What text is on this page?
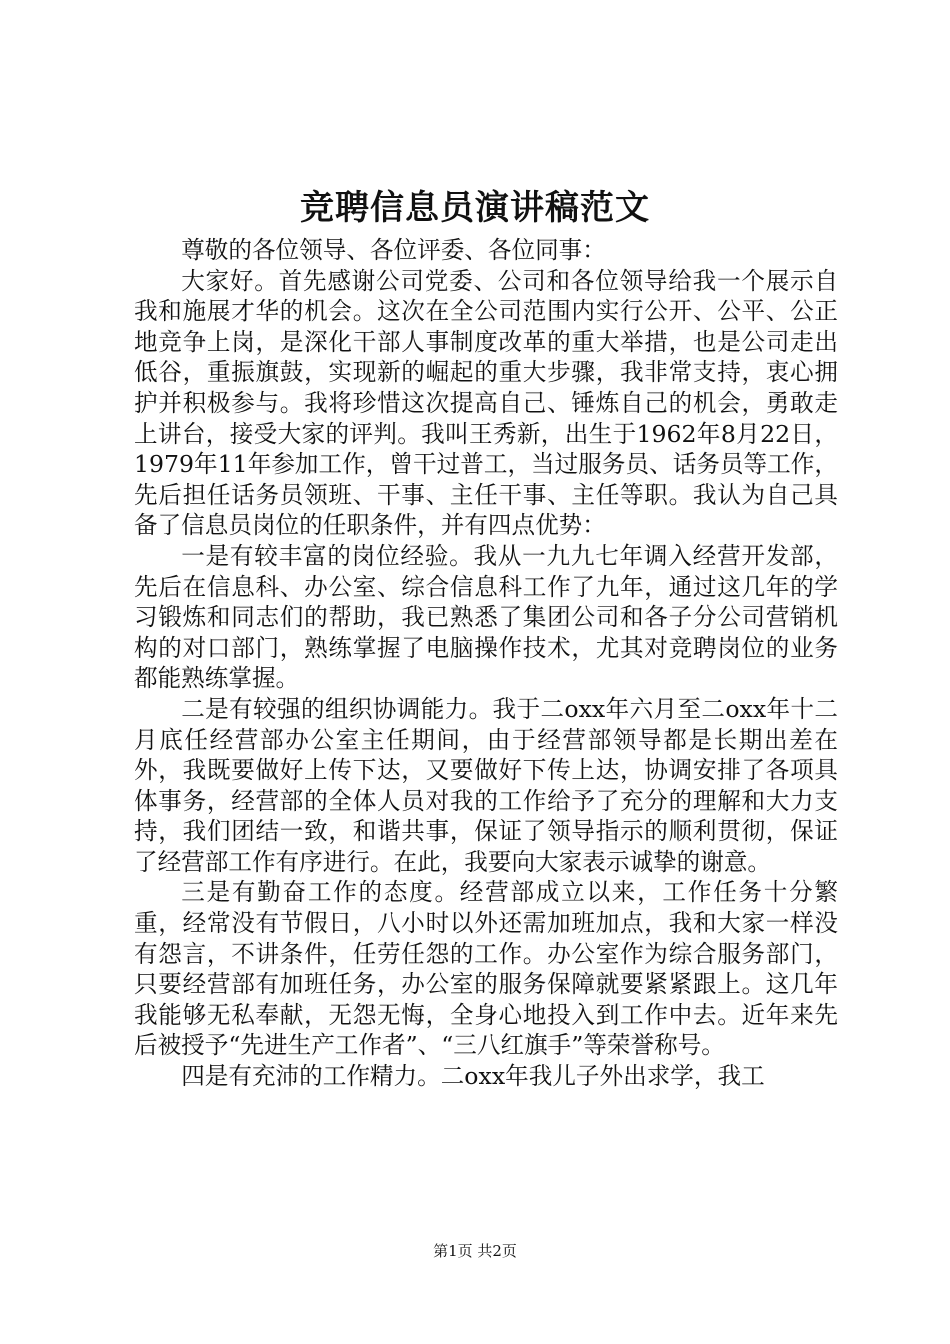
竞聘信息员演讲稿范文

尊敬的各位领导、各位评委、各位同事：

大家好。首先感谢公司党委、公司和各位领导给我一个展示自我和施展才华的机会。这次在全公司范围内实行公开、公平、公正地竞争上岗，是深化干部人事制度改革的重大举措，也是公司走出低谷，重振旗鼓，实现新的崛起的重大步骤，我非常支持，衷心拥护并积极参与。我将珍惜这次提高自己、锤炼自己的机会，勇敢走上讲台，接受大家的评判。我叫王秀新，出生于1962年8月22日，1979年11年参加工作，曾干过普工，当过服务员、话务员等工作，先后担任话务员领班、干事、主任干事、主任等职。我认为自己具备了信息员岗位的任职条件，并有四点优势：

一是有较丰富的岗位经验。我从一九九七年调入经营开发部，先后在信息科、办公室、综合信息科工作了九年，通过这几年的学习锻炼和同志们的帮助，我已熟悉了集团公司和各子分公司营销机构的对口部门，熟练掌握了电脑操作技术，尤其对竞聘岗位的业务都能熟练掌握。

二是有较强的组织协调能力。我于二oxx年六月至二oxx年十二月底任经营部办公室主任期间，由于经营部领导都是长期出差在外，我既要做好上传下达，又要做好下传上达，协调安排了各项具体事务，经营部的全体人员对我的工作给予了充分的理解和大力支持，我们团结一致，和谐共事，保证了领导指示的顺利贯彻，保证了经营部工作有序进行。在此，我要向大家表示诚挚的谢意。

三是有勤奋工作的态度。经营部成立以来，工作任务十分繁重，经常没有节假日，八小时以外还需加班加点，我和大家一样没有怨言，不讲条件，任劳任怨的工作。办公室作为综合服务部门，只要经营部有加班任务，办公室的服务保障就要紧紧跟上。这几年我能够无私奉献，无怨无悔，全身心地投入到工作中去。近年来先后被授予“先进生产工作者”、“三八红旗手”等荣誉称号。

四是有充沛的工作精力。二oxx年我儿子外出求学，我工

第1页 共2页
